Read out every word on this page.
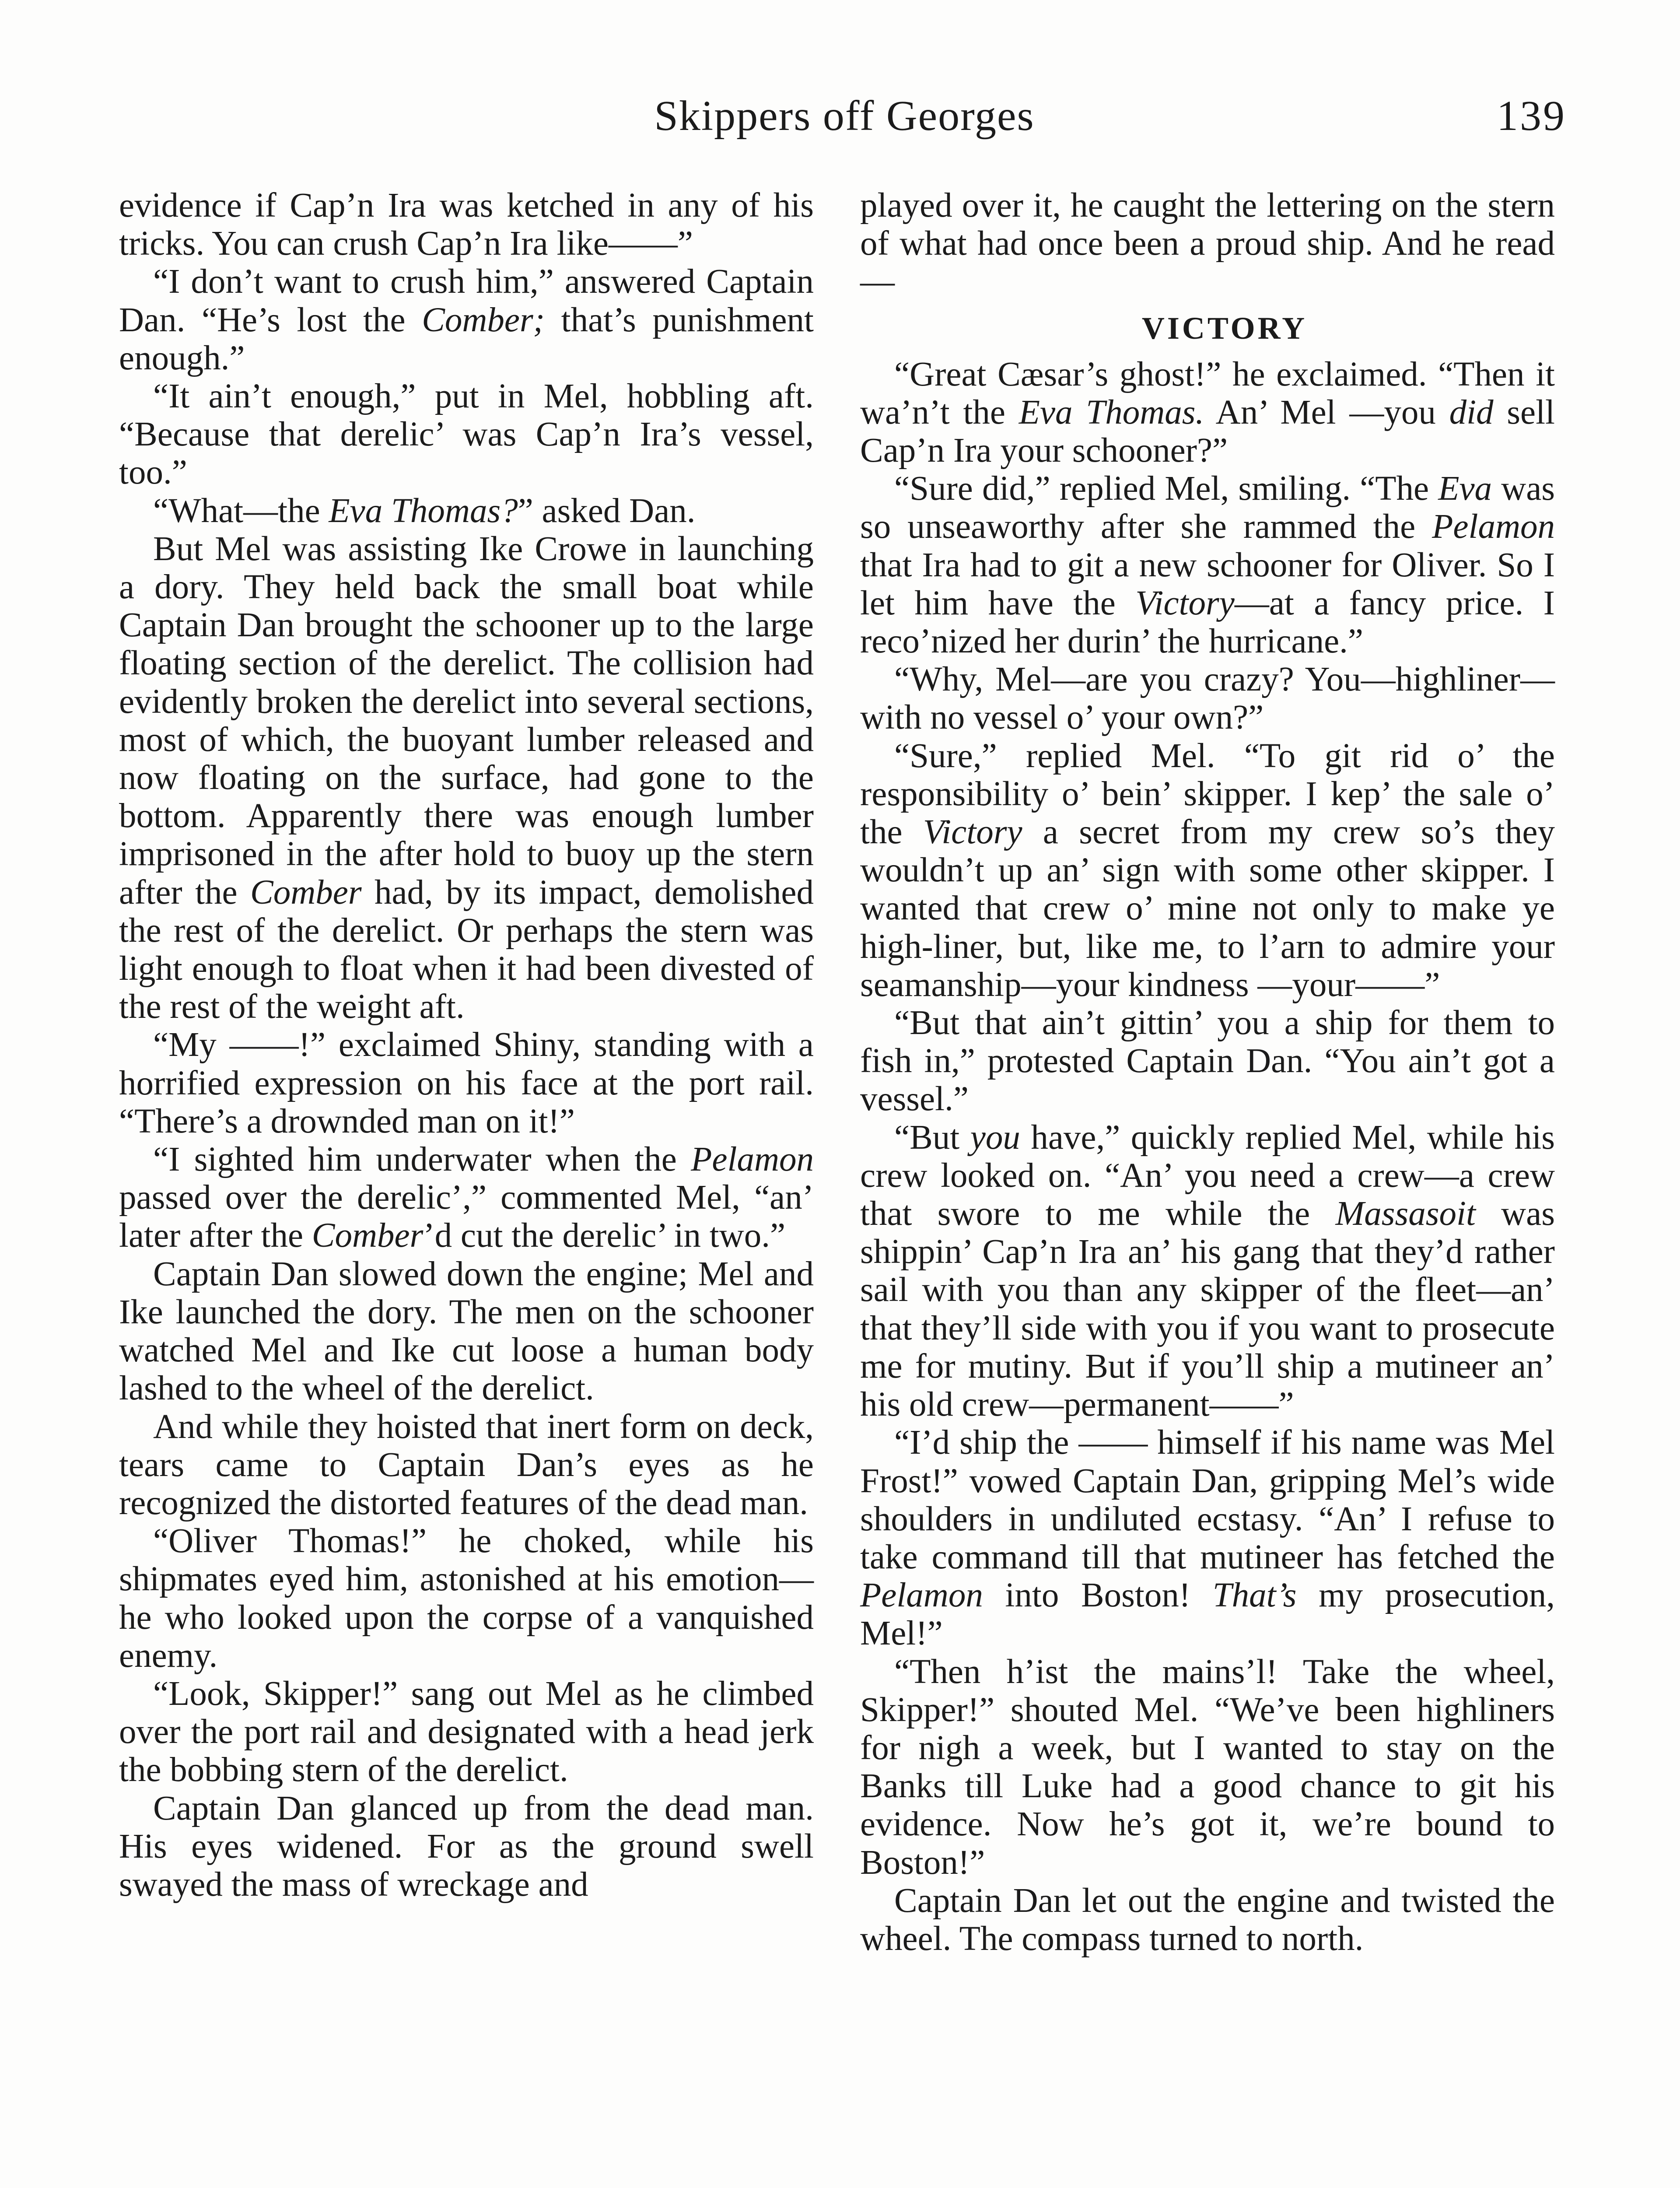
Skippers off Georges	139

evidence if Cap’n Ira was ketched in any of his tricks. You can crush Cap’n Ira like——”

“I don’t want to crush him,” answered Captain Dan. “He’s lost the Comber; that’s punishment enough.”

“It ain’t enough,” put in Mel, hobbling aft. “Because that derelic’ was Cap’n Ira’s vessel, too.”

“What—the Eva Thomas?” asked Dan.

But Mel was assisting Ike Crowe in launching a dory. They held back the small boat while Captain Dan brought the schooner up to the large floating section of the derelict. The collision had evidently broken the derelict into several sections, most of which, the buoyant lumber released and now floating on the surface, had gone to the bottom. Apparently there was enough lumber imprisoned in the after hold to buoy up the stern after the Comber had, by its impact, demolished the rest of the derelict. Or perhaps the stern was light enough to float when it had been divested of the rest of the weight aft.

“My ——!” exclaimed Shiny, standing with a horrified expression on his face at the port rail. “There’s a drownded man on it!”

“I sighted him underwater when the Pelamon passed over the derelic’,” commented Mel, “an’ later after the Comber’d cut the derelic’ in two.”

Captain Dan slowed down the engine; Mel and Ike launched the dory. The men on the schooner watched Mel and Ike cut loose a human body lashed to the wheel of the derelict.

And while they hoisted that inert form on deck, tears came to Captain Dan’s eyes as he recognized the distorted features of the dead man.

“Oliver Thomas!” he choked, while his shipmates eyed him, astonished at his emotion—he who looked upon the corpse of a vanquished enemy.

“Look, Skipper!” sang out Mel as he climbed over the port rail and designated with a head jerk the bobbing stern of the derelict.

Captain Dan glanced up from the dead man. His eyes widened. For as the ground swell swayed the mass of wreckage and

played over it, he caught the lettering on the stern of what had once been a proud ship. And he read—

VICTORY

“Great Cæsar’s ghost!” he exclaimed. “Then it wa’n’t the Eva Thomas. An’ Mel —you did sell Cap’n Ira your schooner?”

“Sure did,” replied Mel, smiling. “The Eva was so unseaworthy after she rammed the Pelamon that Ira had to git a new schooner for Oliver. So I let him have the Victory—at a fancy price. I reco’nized her durin’ the hurricane.”

“Why, Mel—are you crazy? You—highliner—with no vessel o’ your own?”

“Sure,” replied Mel. “To git rid o’ the responsibility o’ bein’ skipper. I kep’ the sale o’ the Victory a secret from my crew so’s they wouldn’t up an’ sign with some other skipper. I wanted that crew o’ mine not only to make ye high-liner, but, like me, to l’arn to admire your seamanship—your kindness —your——”

“But that ain’t gittin’ you a ship for them to fish in,” protested Captain Dan. “You ain’t got a vessel.”

“But you have,” quickly replied Mel, while his crew looked on. “An’ you need a crew—a crew that swore to me while the Massasoit was shippin’ Cap’n Ira an’ his gang that they’d rather sail with you than any skipper of the fleet—an’ that they’ll side with you if you want to prosecute me for mutiny. But if you’ll ship a mutineer an’ his old crew—permanent——”

“I’d ship the —— himself if his name was Mel Frost!” vowed Captain Dan, gripping Mel’s wide shoulders in undiluted ecstasy. “An’ I refuse to take command till that mutineer has fetched the Pelamon into Boston! That’s my prosecution, Mel!”

“Then h’ist the mains’l! Take the wheel, Skipper!” shouted Mel. “We’ve been highliners for nigh a week, but I wanted to stay on the Banks till Luke had a good chance to git his evidence. Now he’s got it, we’re bound to Boston!”

Captain Dan let out the engine and twisted the wheel. The compass turned to north.
